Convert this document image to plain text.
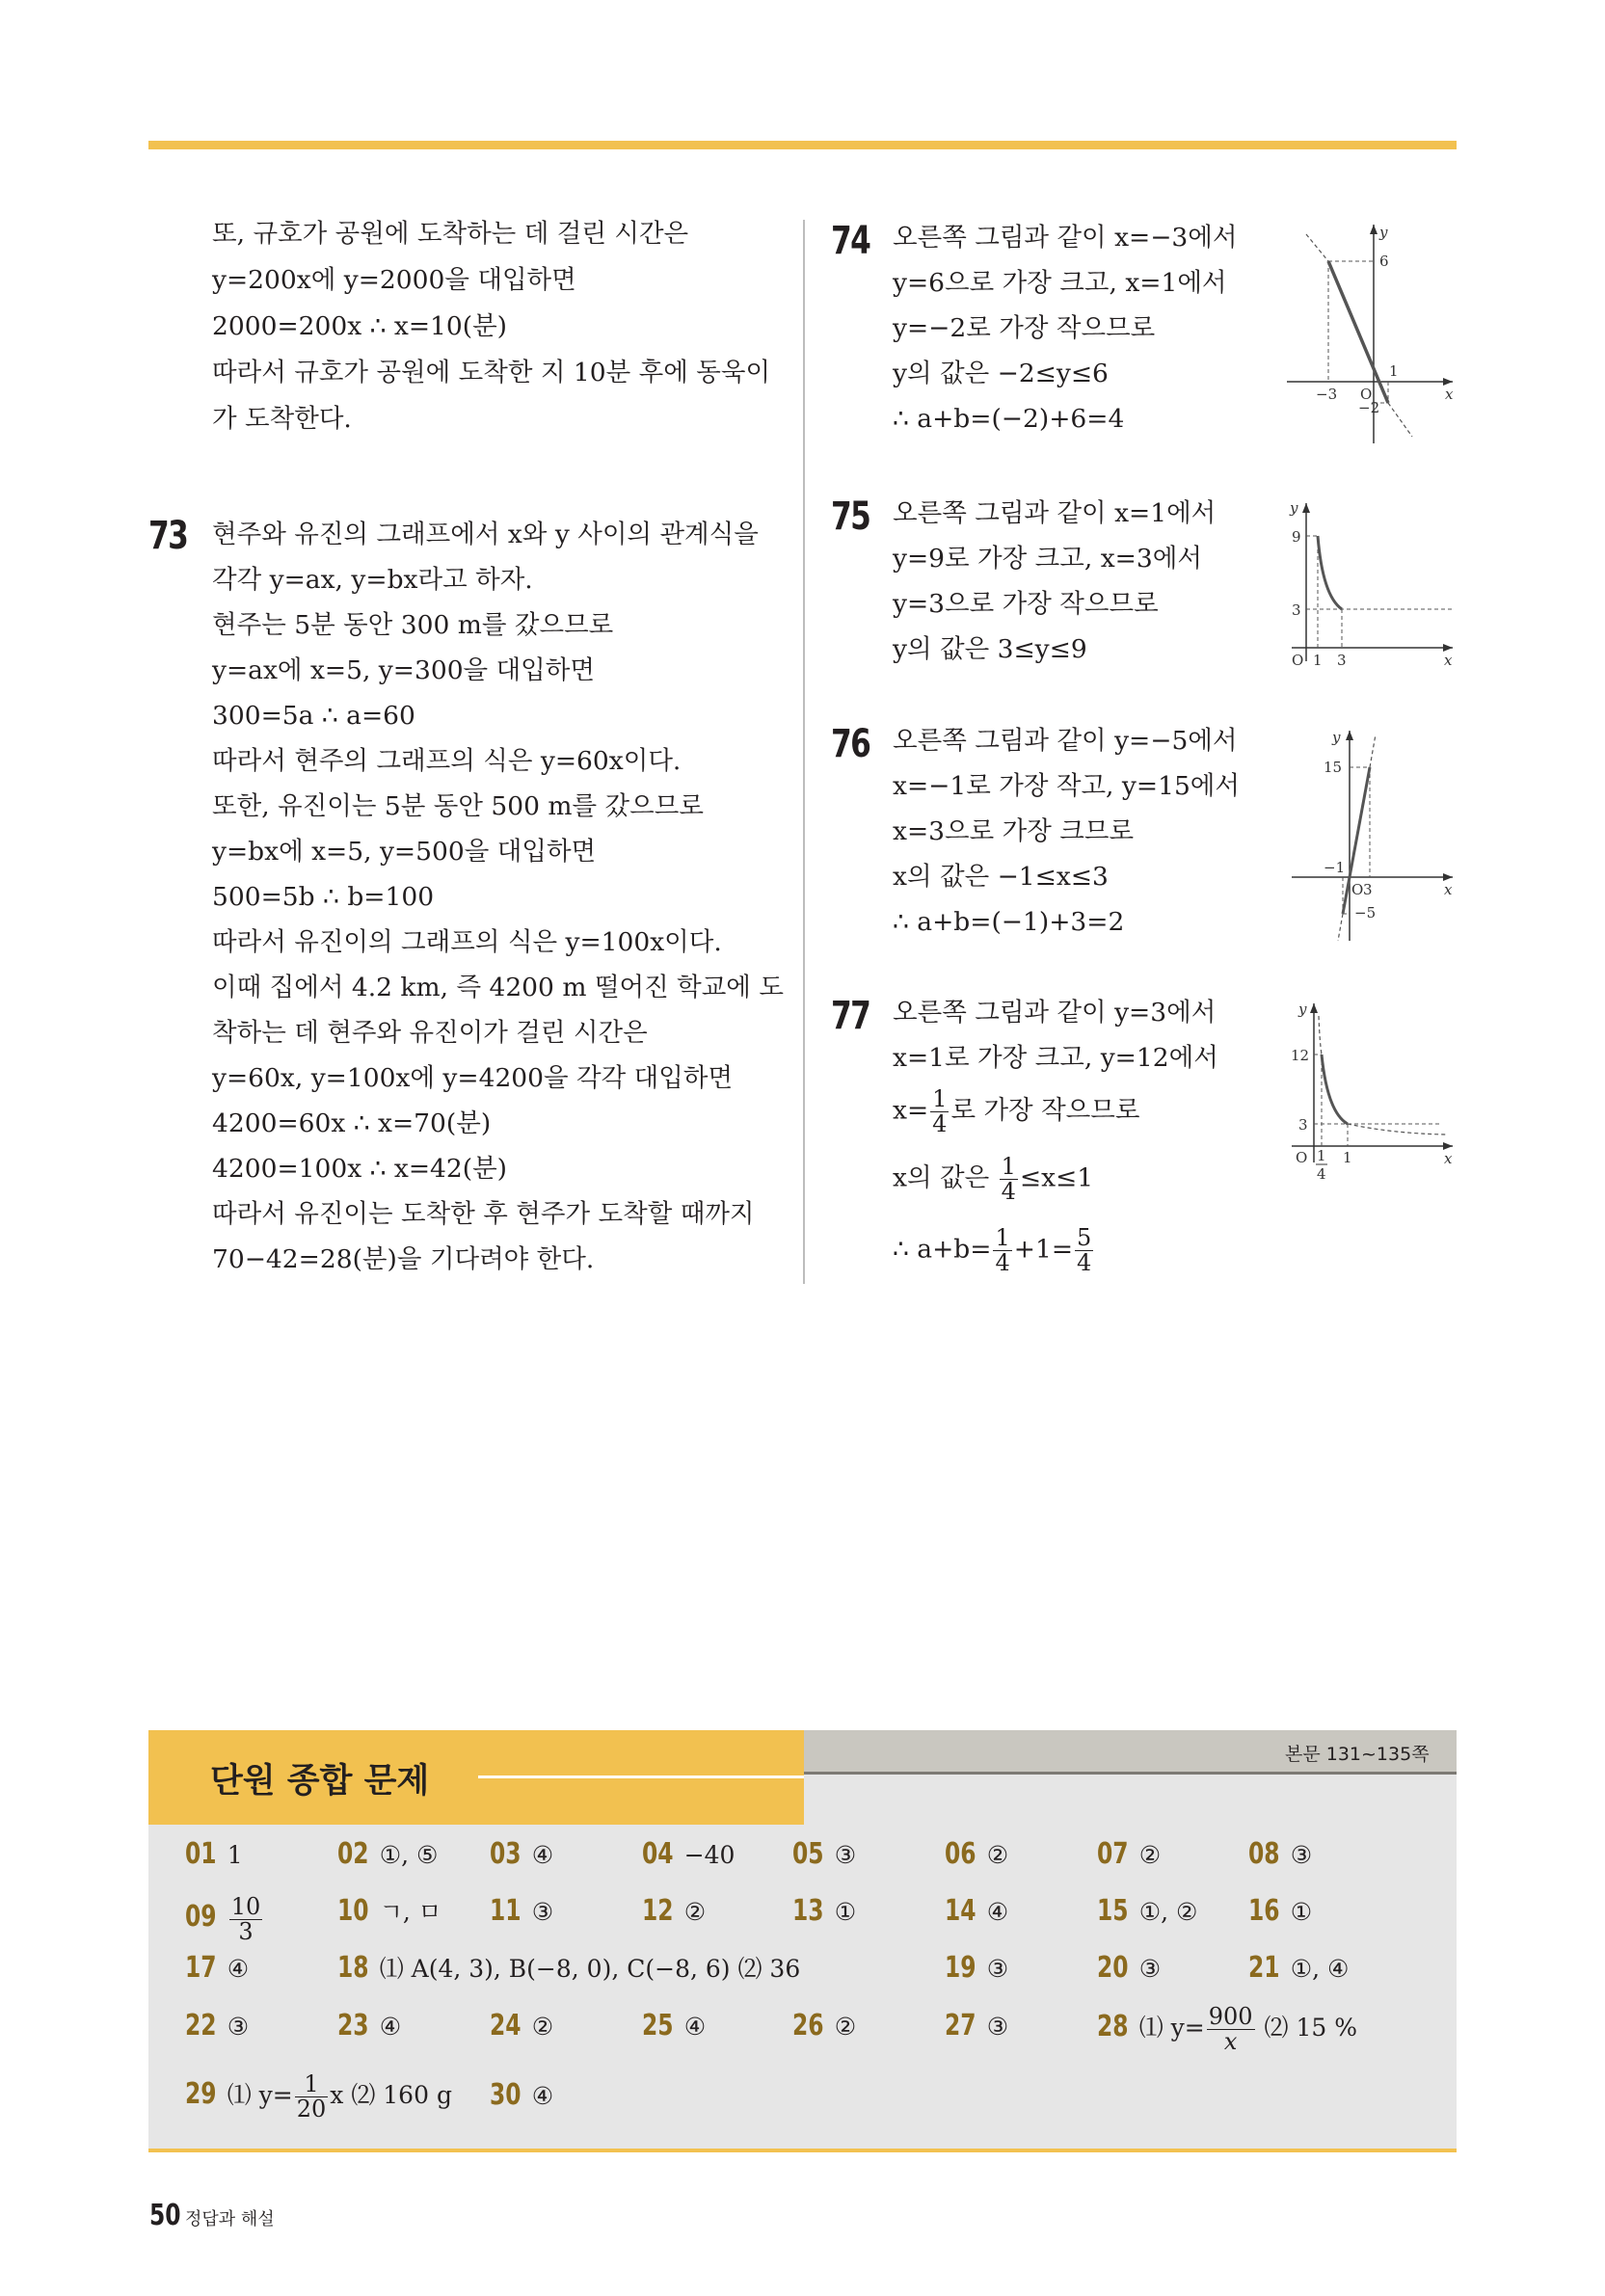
또, 규호가 공원에 도착하는 데 걸린 시간은
y=200x에 y=2000을 대입하면
2000=200x ∴ x=10(분)
따라서 규호가 공원에 도착한 지 10분 후에 동욱이
가 도착한다.
73 현주와 유진의 그래프에서 x와 y 사이의 관계식을
각각 y=ax, y=bx라고 하자.
현주는 5분 동안 300 m를 갔으므로
y=ax에 x=5, y=300을 대입하면
300=5a ∴ a=60
따라서 현주의 그래프의 식은 y=60x이다.
또한, 유진이는 5분 동안 500 m를 갔으므로
y=bx에 x=5, y=500을 대입하면
500=5b ∴ b=100
따라서 유진이의 그래프의 식은 y=100x이다.
이때 집에서 4.2 km, 즉 4200 m 떨어진 학교에 도
착하는 데 현주와 유진이가 걸린 시간은
y=60x, y=100x에 y=4200을 각각 대입하면
4200=60x ∴ x=70(분)
4200=100x ∴ x=42(분)
따라서 유진이는 도착한 후 현주가 도착할 때까지
70−42=28(분)을 기다려야 한다.
74 오른쪽 그림과 같이 x=−3에서
y=6으로 가장 크고, x=1에서
y=−2로 가장 작으므로
y의 값은 −2≤y≤6
∴ a+b=(−2)+6=4
y
x
6
O
1
−3
−2
75 오른쪽 그림과 같이 x=1에서
y=9로 가장 크고, x=3에서
y=3으로 가장 작으므로
y의 값은 3≤y≤9
y
x
9
3
O 1 3
76 오른쪽 그림과 같이 y=−5에서
x=−1로 가장 작고, y=15에서
x=3으로 가장 크므로
x의 값은 −1≤x≤3
∴ a+b=(−1)+3=2
y
x
15
−1
O 3
−5
77 오른쪽 그림과 같이 y=3에서
x=1로 가장 크고, y=12에서
$x= \frac{1}{4}$ 로 가장 작으므로
x의 값은 $\frac{1}{4} \le x\le 1$
∴ $a+b= \frac{1}{4} +1= \frac{5}{4}$
y
x
12
3
O 1
4
1
단원 종합 문제
본문 131~135쪽
01 1	02 ①, ⑤ 03 ④	04 −40 05 ③	06 ②	07 ②	08 ③
$09 \frac{10}{3}$	10 ㄱ, ㅁ 11 ③	12 ②	13 ①	14 ④	15 ①, ② 16 ①
17 ④	18 ⑴ A(4, 3), B(−8, 0), C(−8, 6) ⑵ 36	19 ③	20 ③	21 ①, ④
22 ③	23 ④	24 ②	25 ④	26 ②	27 ③	28 ⑴ $y= \frac{900}{x}$ ⑵ 15 %
29 ⑴ $y= \frac{1}{20}$ x ⑵ 160 g 30 ④
50 정답과 해설
